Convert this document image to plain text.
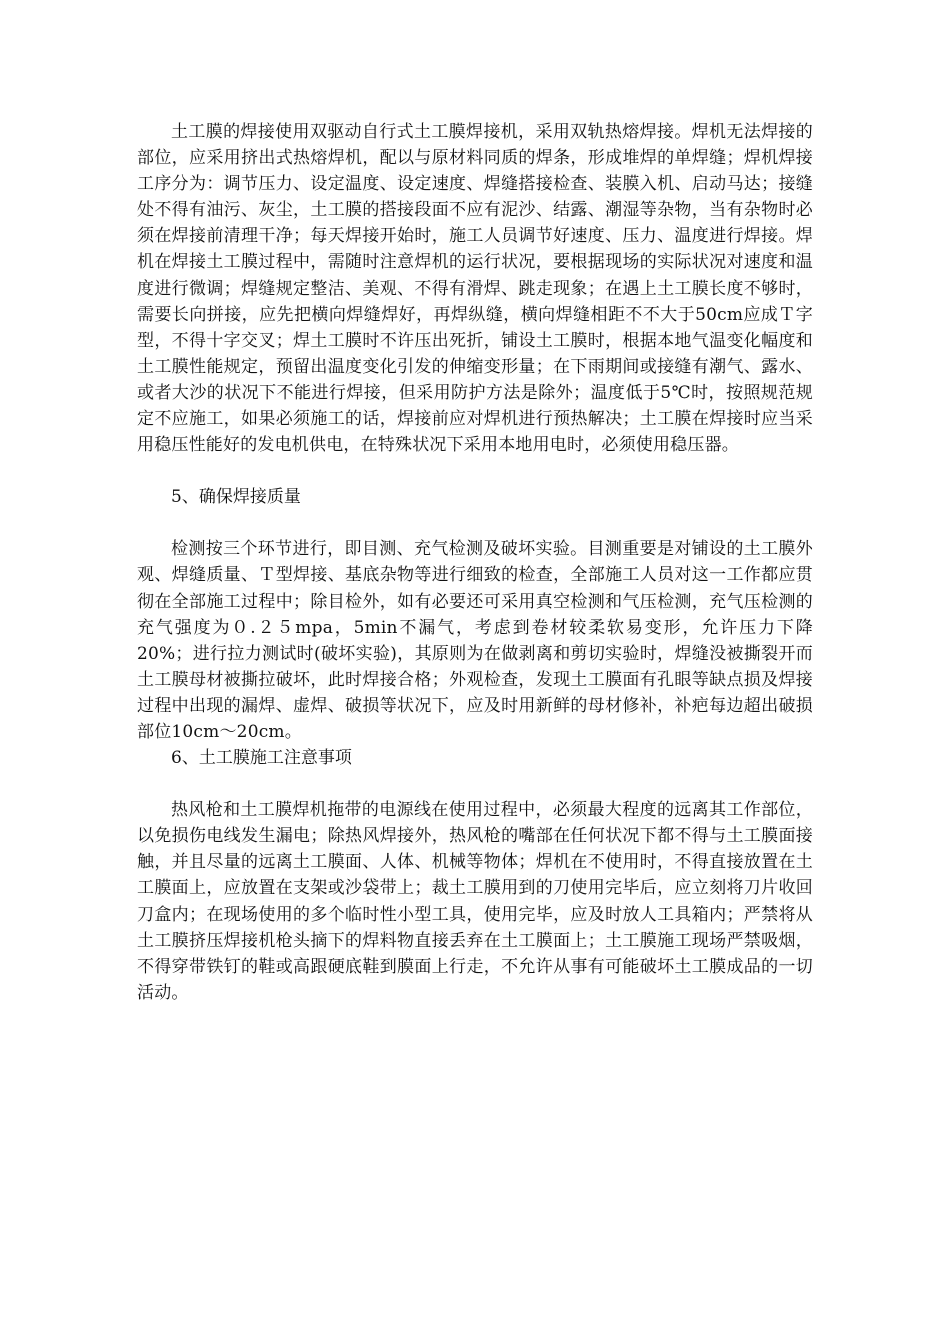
土工膜的焊接使用双驱动自行式土工膜焊接机，采用双轨热熔焊接。焊机无法焊接的部位，应采用挤出式热熔焊机，配以与原材料同质的焊条，形成堆焊的单焊缝；焊机焊接工序分为：调节压力、设定温度、设定速度、焊缝搭接检查、装膜入机、启动马达；接缝处不得有油污、灰尘，土工膜的搭接段面不应有泥沙、结露、潮湿等杂物，当有杂物时必须在焊接前清理干净；每天焊接开始时，施工人员调节好速度、压力、温度进行焊接。焊机在焊接土工膜过程中，需随时注意焊机的运行状况，要根据现场的实际状况对速度和温度进行微调；焊缝规定整洁、美观、不得有滑焊、跳走现象；在遇上土工膜长度不够时，需要长向拼接，应先把横向焊缝焊好，再焊纵缝，横向焊缝相距不不大于50cm应成Ｔ字型，不得十字交叉；焊土工膜时不许压出死折，铺设土工膜时，根据本地气温变化幅度和土工膜性能规定，预留出温度变化引发的伸缩变形量；在下雨期间或接缝有潮气、露水、或者大沙的状况下不能进行焊接，但采用防护方法是除外；温度低于5℃时，按照规范规定不应施工，如果必须施工的话，焊接前应对焊机进行预热解决；土工膜在焊接时应当采用稳压性能好的发电机供电，在特殊状况下采用本地用电时，必须使用稳压器。

5、确保焊接质量

检测按三个环节进行，即目测、充气检测及破坏实验。目测重要是对铺设的土工膜外观、焊缝质量、Ｔ型焊接、基底杂物等进行细致的检查，全部施工人员对这一工作都应贯彻在全部施工过程中；除目检外，如有必要还可采用真空检测和气压检测，充气压检测的充气强度为０.２５mpa，5min不漏气，考虑到卷材较柔软易变形，允许压力下降20%；进行拉力测试时(破坏实验)，其原则为在做剥离和剪切实验时，焊缝没被撕裂开而土工膜母材被撕拉破坏，此时焊接合格；外观检查，发现土工膜面有孔眼等缺点损及焊接过程中出现的漏焊、虚焊、破损等状况下，应及时用新鲜的母材修补，补疤每边超出破损部位10cm～20cm。

6、土工膜施工注意事项

热风枪和土工膜焊机拖带的电源线在使用过程中，必须最大程度的远离其工作部位，以免损伤电线发生漏电；除热风焊接外，热风枪的嘴部在任何状况下都不得与土工膜面接触，并且尽量的远离土工膜面、人体、机械等物体；焊机在不使用时，不得直接放置在土工膜面上，应放置在支架或沙袋带上；裁土工膜用到的刀使用完毕后，应立刻将刀片收回刀盒内；在现场使用的多个临时性小型工具，使用完毕，应及时放人工具箱内；严禁将从土工膜挤压焊接机枪头摘下的焊料物直接丢弃在土工膜面上；土工膜施工现场严禁吸烟，不得穿带铁钉的鞋或高跟硬底鞋到膜面上行走，不允许从事有可能破坏土工膜成品的一切活动。
